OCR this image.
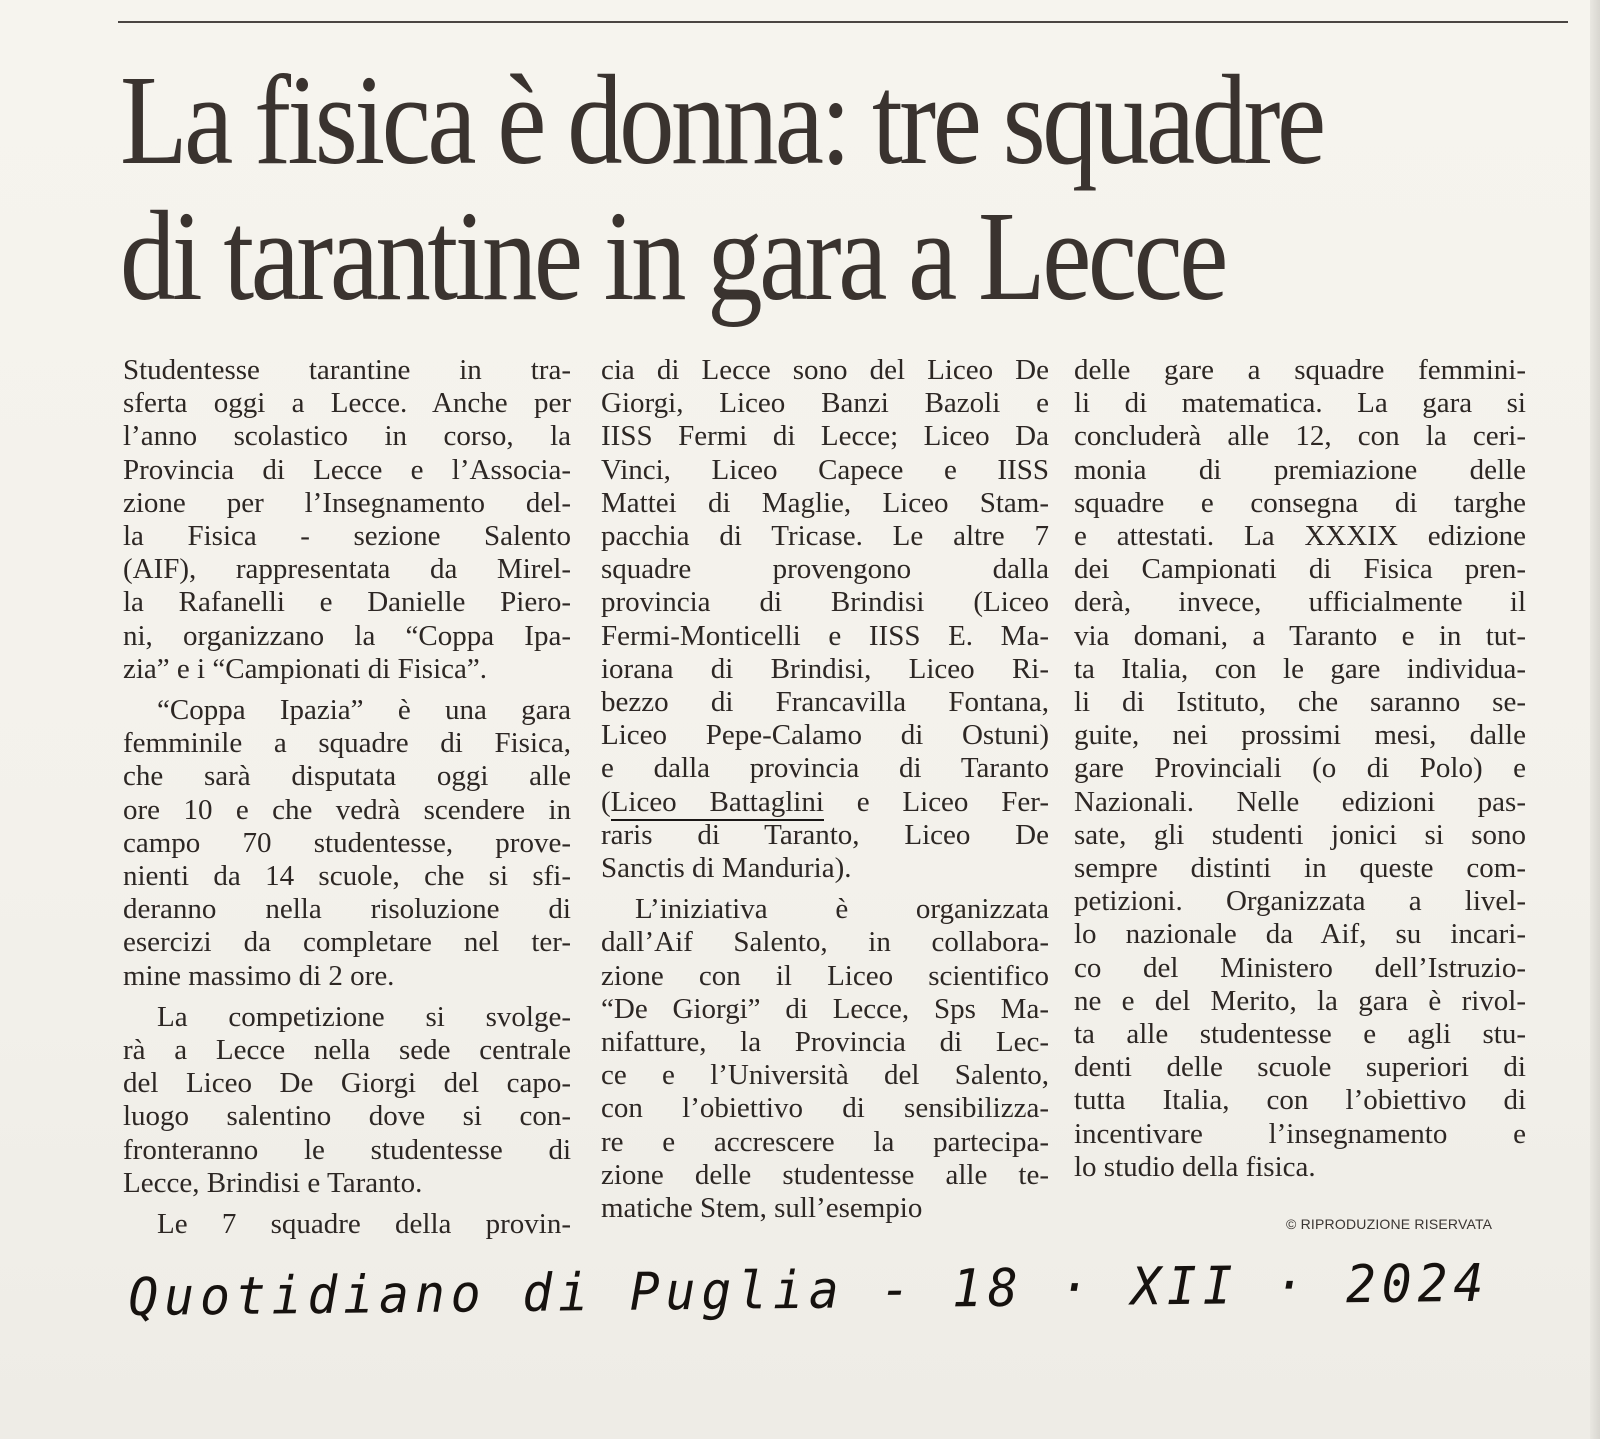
La fisica è donna: tre squadre
di tarantine in gara a Lecce

Studentesse tarantine in tra-
sferta oggi a Lecce. Anche per
l’anno scolastico in corso, la
Provincia di Lecce e l’Associa-
zione per l’Insegnamento del-
la Fisica - sezione Salento
(AIF), rappresentata da Mirel-
la Rafanelli e Danielle Piero-
ni, organizzano la “Coppa Ipa-
zia” e i “Campionati di Fisica”.

“Coppa Ipazia” è una gara
femminile a squadre di Fisica,
che sarà disputata oggi alle
ore 10 e che vedrà scendere in
campo 70 studentesse, prove-
nienti da 14 scuole, che si sfi-
deranno nella risoluzione di
esercizi da completare nel ter-
mine massimo di 2 ore.

La competizione si svolge-
rà a Lecce nella sede centrale
del Liceo De Giorgi del capo-
luogo salentino dove si con-
fronteranno le studentesse di
Lecce, Brindisi e Taranto.

Le 7 squadre della provin-

cia di Lecce sono del Liceo De
Giorgi, Liceo Banzi Bazoli e
IISS Fermi di Lecce; Liceo Da
Vinci, Liceo Capece e IISS
Mattei di Maglie, Liceo Stam-
pacchia di Tricase. Le altre 7
squadre provengono dalla
provincia di Brindisi (Liceo
Fermi-Monticelli e IISS E. Ma-
iorana di Brindisi, Liceo Ri-
bezzo di Francavilla Fontana,
Liceo Pepe-Calamo di Ostuni)
e dalla provincia di Taranto
(Liceo Battaglini e Liceo Fer-
raris di Taranto, Liceo De
Sanctis di Manduria).

L’iniziativa è organizzata
dall’Aif Salento, in collabora-
zione con il Liceo scientifico
“De Giorgi” di Lecce, Sps Ma-
nifatture, la Provincia di Lec-
ce e l’Università del Salento,
con l’obiettivo di sensibilizza-
re e accrescere la partecipa-
zione delle studentesse alle te-
matiche Stem, sull’esempio

delle gare a squadre femmini-
li di matematica. La gara si
concluderà alle 12, con la ceri-
monia di premiazione delle
squadre e consegna di targhe
e attestati. La XXXIX edizione
dei Campionati di Fisica pren-
derà, invece, ufficialmente il
via domani, a Taranto e in tut-
ta Italia, con le gare individua-
li di Istituto, che saranno se-
guite, nei prossimi mesi, dalle
gare Provinciali (o di Polo) e
Nazionali. Nelle edizioni pas-
sate, gli studenti jonici si sono
sempre distinti in queste com-
petizioni. Organizzata a livel-
lo nazionale da Aif, su incari-
co del Ministero dell’Istruzio-
ne e del Merito, la gara è rivol-
ta alle studentesse e agli stu-
denti delle scuole superiori di
tutta Italia, con l’obiettivo di
incentivare l’insegnamento e
lo studio della fisica.

© RIPRODUZIONE RISERVATA
Quotidiano di Puglia - 18 · XII · 2024
